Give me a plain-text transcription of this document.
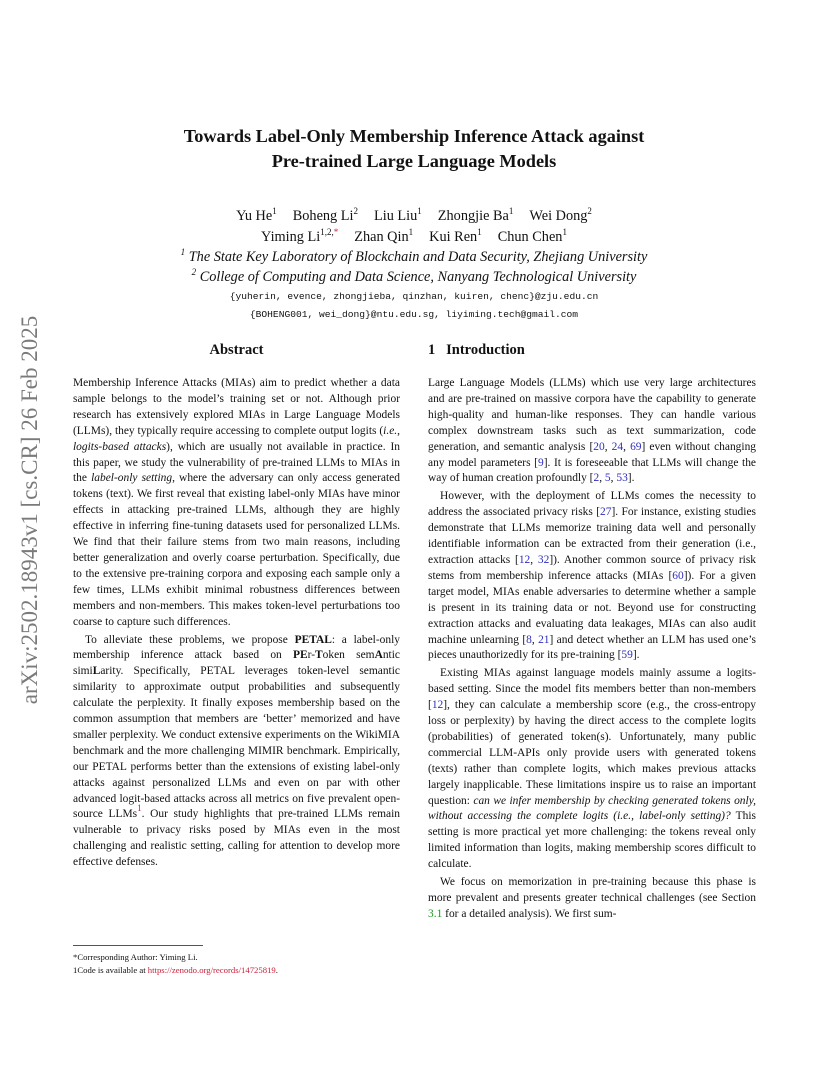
arXiv:2502.18943v1 [cs.CR] 26 Feb 2025
Towards Label-Only Membership Inference Attack against
Pre-trained Large Language Models
Yu He$^1$ Boheng Li$^2$ Liu Liu$^1$ Zhongjie Ba$^1$ Wei Dong$^2$
Yiming $Li^{1,2,*}$ Zhan Qin$^1$ Kui Ren$^1$ Chun Chen$^1$
$^1$ The State Key Laboratory of Blockchain and Data Security, Zhejiang University
$^2$ College of Computing and Data Science, Nanyang Technological University
{yuherin, evence, zhongjieba, qinzhan, kuiren, chenc}@zju.edu.cn
{BOHENG001, wei_dong}@ntu.edu.sg, liyiming.tech@gmail.com
Abstract	1   Introduction

Membership Inference Attacks (MIAs) aim to predict whether a data sample belongs to the model’s training set or not. Although prior research has extensively explored MIAs in Large Language Models (LLMs), they typically require accessing to complete output logits (i.e., logits-based attacks), which are usually not available in practice. In this paper, we study the vulnerability of pre-trained LLMs to MIAs in the label-only setting, where the adversary can only access generated tokens (text). We first reveal that existing label-only MIAs have minor effects in attacking pre-trained LLMs, although they are highly effective in inferring fine-tuning datasets used for personalized LLMs. We find that their failure stems from two main reasons, including better generalization and overly coarse perturbation. Specifically, due to the extensive pre-training corpora and exposing each sample only a few times, LLMs exhibit minimal robustness differences between members and non-members. This makes token-level perturbations too coarse to capture such differences.

To alleviate these problems, we propose PETAL: a label-only membership inference attack based on PEr-Token semAntic simiLarity. Specifically, PETAL leverages token-level semantic similarity to approximate output probabilities and subsequently calculate the perplexity. It finally exposes membership based on the common assumption that members are ‘better’ memorized and have smaller perplexity. We conduct extensive experiments on the WikiMIA benchmark and the more challenging MIMIR benchmark. Empirically, our PETAL performs better than the extensions of existing label-only attacks against personalized LLMs and even on par with other advanced logit-based attacks across all metrics on five prevalent open-source LLMs$^1$. Our study highlights that pre-trained LLMs remain vulnerable to privacy risks posed by MIAs even in the most challenging and realistic setting, calling for attention to develop more effective defenses.

Large Language Models (LLMs) which use very large architectures and are pre-trained on massive corpora have the capability to generate high-quality and human-like responses. They can handle various complex downstream tasks such as text summarization, code generation, and semantic analysis [20, 24, 69] even without changing any model parameters [9]. It is foreseeable that LLMs will change the way of human creation profoundly [2, 5, 53].

However, with the deployment of LLMs comes the necessity to address the associated privacy risks [27]. For instance, existing studies demonstrate that LLMs memorize training data well and personally identifiable information can be extracted from their generation (i.e., extraction attacks [12, 32]). Another common source of privacy risk stems from membership inference attacks (MIAs [60]). For a given target model, MIAs enable adversaries to determine whether a sample is present in its training data or not. Beyond use for constructing extraction attacks and evaluating data leakages, MIAs can also audit machine unlearning [8, 21] and detect whether an LLM has used one’s pieces unauthorizedly for its pre-training [59].

Existing MIAs against language models mainly assume a logits-based setting. Since the model fits members better than non-members [12], they can calculate a membership score (e.g., the cross-entropy loss or perplexity) by having the direct access to the complete logits (probabilities) of generated token(s). Unfortunately, many public commercial LLM-APIs only provide users with generated tokens (texts) rather than complete logits, which makes previous attacks largely inapplicable. These limitations inspire us to raise an important question: can we infer membership by checking generated tokens only, without accessing the complete logits (i.e., label-only setting)? This setting is more practical yet more challenging: the tokens reveal only limited information than logits, making membership scores difficult to calculate.

We focus on memorization in pre-training because this phase is more prevalent and presents greater technical challenges (see Section 3.1 for a detailed analysis). We first sum-

*Corresponding Author: Yiming Li.
1Code is available at https://zenodo.org/records/14725819.
